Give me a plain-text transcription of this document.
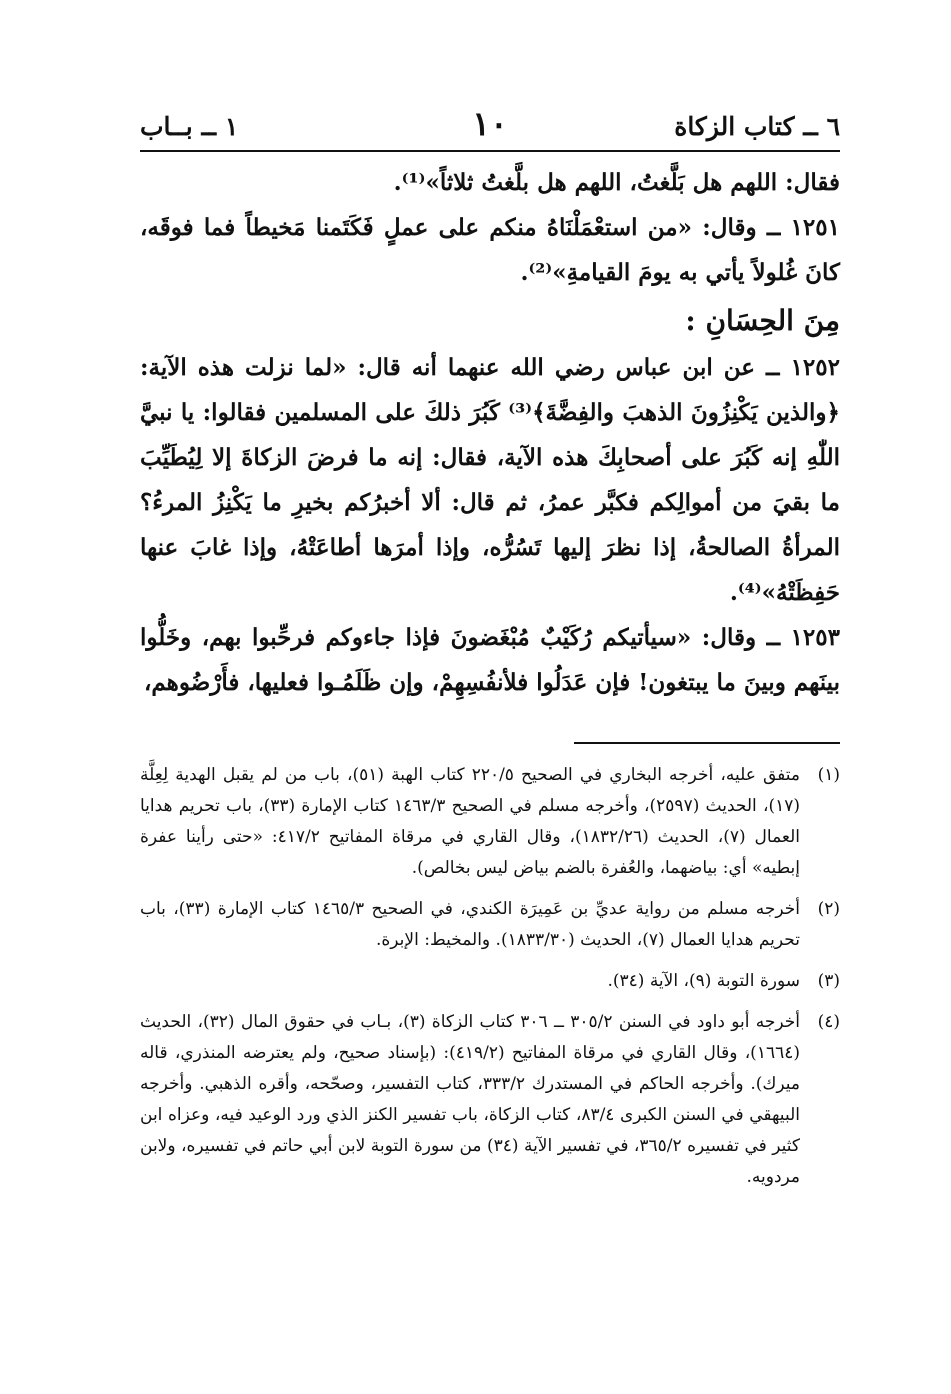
٦ ــ كتاب الزكاة
١٠
١ ــ بــاب

فقال: اللهم هل بَلَّغتُ، اللهم هل بلَّغتُ ثلاثاً»⁽¹⁾.

١٢٥١ ــ وقال: «من استعْمَلْنَاهُ منكم على عملٍ فَكَتَمنا مَخيطاً فما فوقَه، كانَ غُلولاً يأتي به يومَ القيامةِ»⁽²⁾.

مِنَ الحِسَانِ :

١٢٥٢ ــ عن ابن عباس رضي الله عنهما أنه قال: «لما نزلت هذه الآية: ﴿والذين يَكْنِزُونَ الذهبَ والفِضَّةَ﴾⁽³⁾ كَبُرَ ذلكَ على المسلمين فقالوا: يا نبيَّ اللّٰهِ إنه كَبُرَ على أصحابِكَ هذه الآية، فقال: إنه ما فرضَ الزكاةَ إلا لِيُطَيِّبَ ما بقيَ من أموالِكم فكبَّر عمرُ، ثم قال: ألا أخبرُكم بخيرِ ما يَكْنِزُ المرءُ؟ المرأةُ الصالحةُ، إذا نظرَ إليها تَسُرُّه، وإذا أمرَها أطاعَتْهُ، وإذا غابَ عنها حَفِظَتْهُ»⁽⁴⁾.

١٢٥٣ ــ وقال: «سيأتيكم رُكَيْبٌ مُبْغَضونَ فإذا جاءوكم فرحِّبوا بهم، وخَلُّوا بينَهم وبينَ ما يبتغون! فإن عَدَلُوا فلأنفُسِهِمْ، وإن ظَلَمُـوا فعليها، فأَرْضُوهم،

(١)
متفق عليه، أخرجه البخاري في الصحيح ٢٢٠/٥ كتاب الهبة (٥١)، باب من لم يقبل الهدية لِعِلَّة (١٧)، الحديث (٢٥٩٧)، وأخرجه مسلم في الصحيح ١٤٦٣/٣ كتاب الإمارة (٣٣)، باب تحريم هدايا العمال (٧)، الحديث (١٨٣٢/٢٦)، وقال القاري في مرقاة المفاتيح ٤١٧/٢: «حتى رأينا عفرة إبطيه» أي: بياضهما، والعُفرة بالضم بياض ليس بخالص).
(٢)
أخرجه مسلم من رواية عديِّ بن عَمِيرَة الكندي، في الصحيح ١٤٦٥/٣ كتاب الإمارة (٣٣)، باب تحريم هدايا العمال (٧)، الحديث (١٨٣٣/٣٠). والمخيط: الإبرة.
(٣)
سورة التوبة (٩)، الآية (٣٤).
(٤)
أخرجه أبو داود في السنن ٣٠٥/٢ ــ ٣٠٦ كتاب الزكاة (٣)، بـاب في حقوق المال (٣٢)، الحديث (١٦٦٤)، وقال القاري في مرقاة المفاتيح (٤١٩/٢): (بإسناد صحيح، ولم يعترضه المنذري، قاله ميرك). وأخرجه الحاكم في المستدرك ٣٣٣/٢، كتاب التفسير، وصحّحه، وأقره الذهبي. وأخرجه البيهقي في السنن الكبرى ٨٣/٤، كتاب الزكاة، باب تفسير الكنز الذي ورد الوعيد فيه، وعزاه ابن كثير في تفسيره ٣٦٥/٢، في تفسير الآية (٣٤) من سورة التوبة لابن أبي حاتم في تفسيره، ولابن مردويه.
